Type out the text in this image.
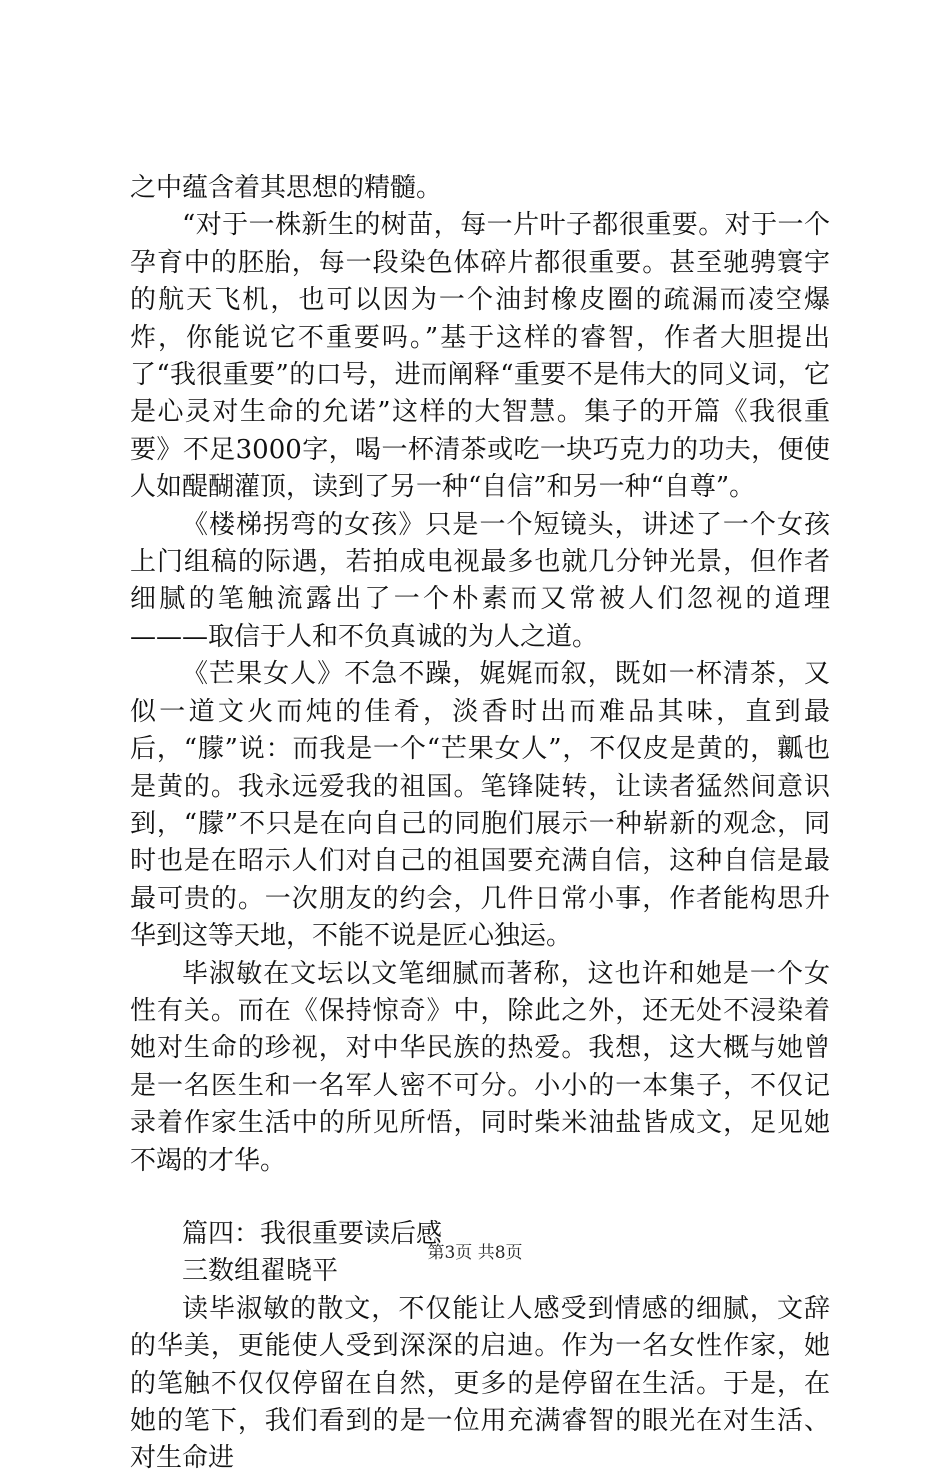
之中蕴含着其思想的精髓。

“对于一株新生的树苗，每一片叶子都很重要。对于一个孕育中的胚胎，每一段染色体碎片都很重要。甚至驰骋寰宇的航天飞机，也可以因为一个油封橡皮圈的疏漏而凌空爆炸，你能说它不重要吗。”基于这样的睿智，作者大胆提出了“我很重要”的口号，进而阐释“重要不是伟大的同义词，它是心灵对生命的允诺”这样的大智慧。集子的开篇《我很重要》不足3000字，喝一杯清茶或吃一块巧克力的功夫，便使人如醍醐灌顶，读到了另一种“自信”和另一种“自尊”。

《楼梯拐弯的女孩》只是一个短镜头，讲述了一个女孩上门组稿的际遇，若拍成电视最多也就几分钟光景，但作者细腻的笔触流露出了一个朴素而又常被人们忽视的道理———取信于人和不负真诚的为人之道。

《芒果女人》不急不躁，娓娓而叙，既如一杯清茶，又似一道文火而炖的佳肴，淡香时出而难品其味，直到最后，“朦”说：而我是一个“芒果女人”，不仅皮是黄的，瓤也是黄的。我永远爱我的祖国。笔锋陡转，让读者猛然间意识到，“朦”不只是在向自己的同胞们展示一种崭新的观念，同时也是在昭示人们对自己的祖国要充满自信，这种自信是最最可贵的。一次朋友的约会，几件日常小事，作者能构思升华到这等天地，不能不说是匠心独运。

毕淑敏在文坛以文笔细腻而著称，这也许和她是一个女性有关。而在《保持惊奇》中，除此之外，还无处不浸染着她对生命的珍视，对中华民族的热爱。我想，这大概与她曾是一名医生和一名军人密不可分。小小的一本集子，不仅记录着作家生活中的所见所悟，同时柴米油盐皆成文，足见她不竭的才华。

篇四：我很重要读后感

三数组翟晓平

读毕淑敏的散文，不仅能让人感受到情感的细腻，文辞的华美，更能使人受到深深的启迪。作为一名女性作家，她的笔触不仅仅停留在自然，更多的是停留在生活。于是，在她的笔下，我们看到的是一位用充满睿智的眼光在对生活、对生命进

第3页 共8页
